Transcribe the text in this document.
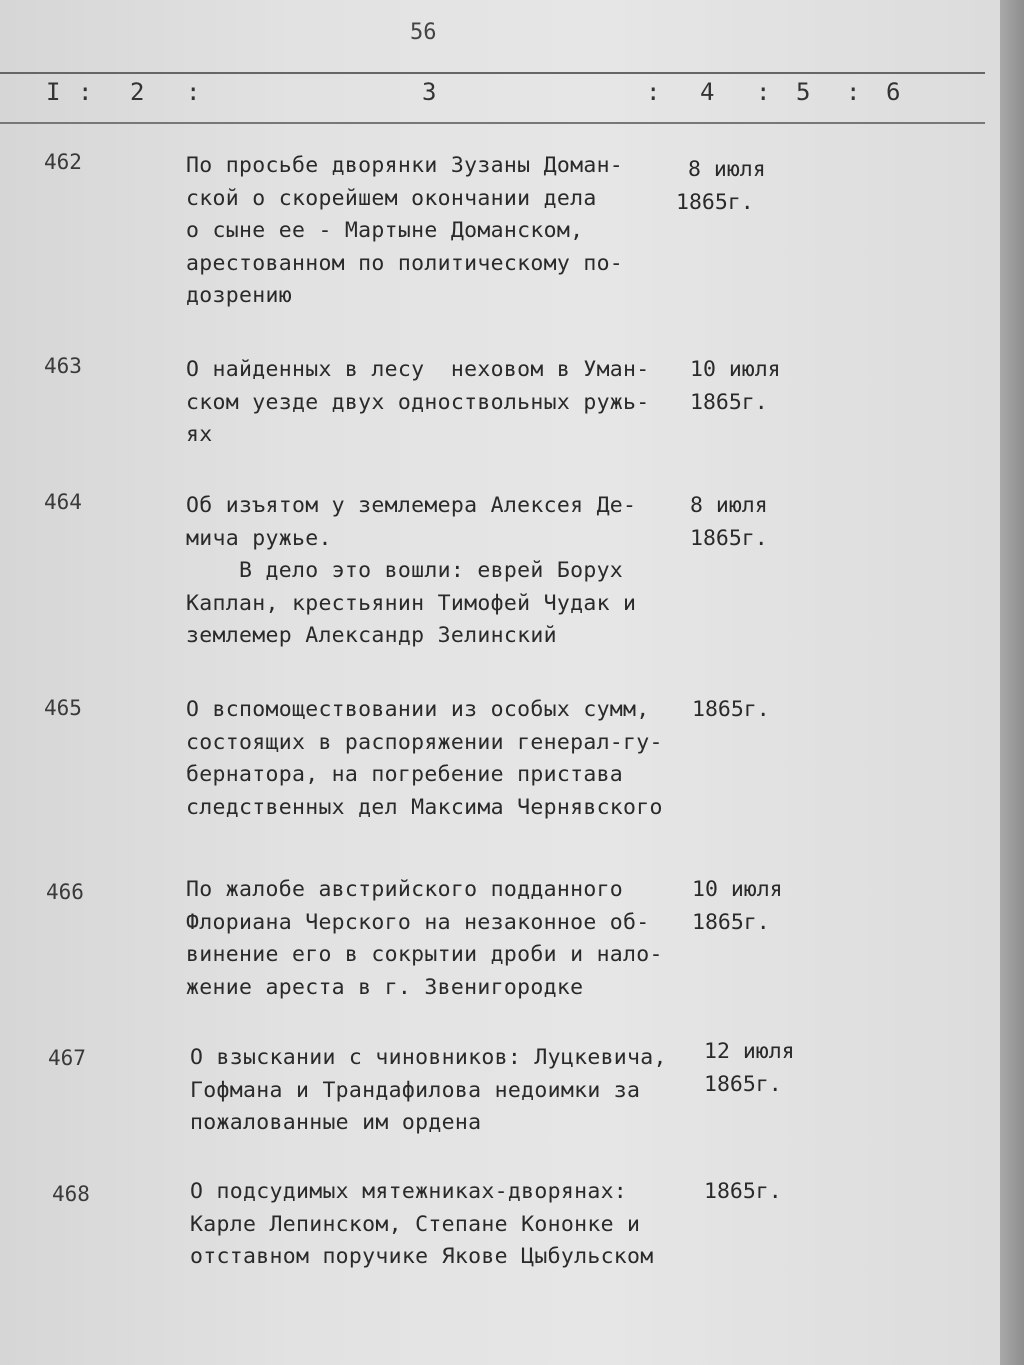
56
I : 2 :	3	: 4 : 5 : 6
462	По просьбе дворянки Зузаны Доман-
ской о скорейшем окончании дела
о сыне ее - Мартыне Доманском,
арестованном по политическому по-
дозрению
8 июля
1865г.
463	О найденных в лесу  неховом в Уман-
ском уезде двух одноствольных ружь-
ях
10 июля
1865г.
464	Об изъятом у землемера Алексея Де-
мича ружье.
В дело это вошли: еврей Борух
Каплан, крестьянин Тимофей Чудак и
землемер Александр Зелинский
8 июля
1865г.
465	О вспомоществовании из особых сумм,
состоящих в распоряжении генерал-гу-
бернатора, на погребение пристава
следственных дел Максима Чернявского
1865г.
466	По жалобе австрийского подданного
Флориана Черского на незаконное об-
винение его в сокрытии дроби и нало-
жение ареста в г. Звенигородке
10 июля
1865г.
467	О взыскании с чиновников: Луцкевича,
Гофмана и Трандафилова недоимки за
пожалованные им ордена
12 июля
1865г.
468	О подсудимых мятежниках-дворянах:
Карле Лепинском, Степане Кононке и
отставном поручике Якове Цыбульском
1865г.
